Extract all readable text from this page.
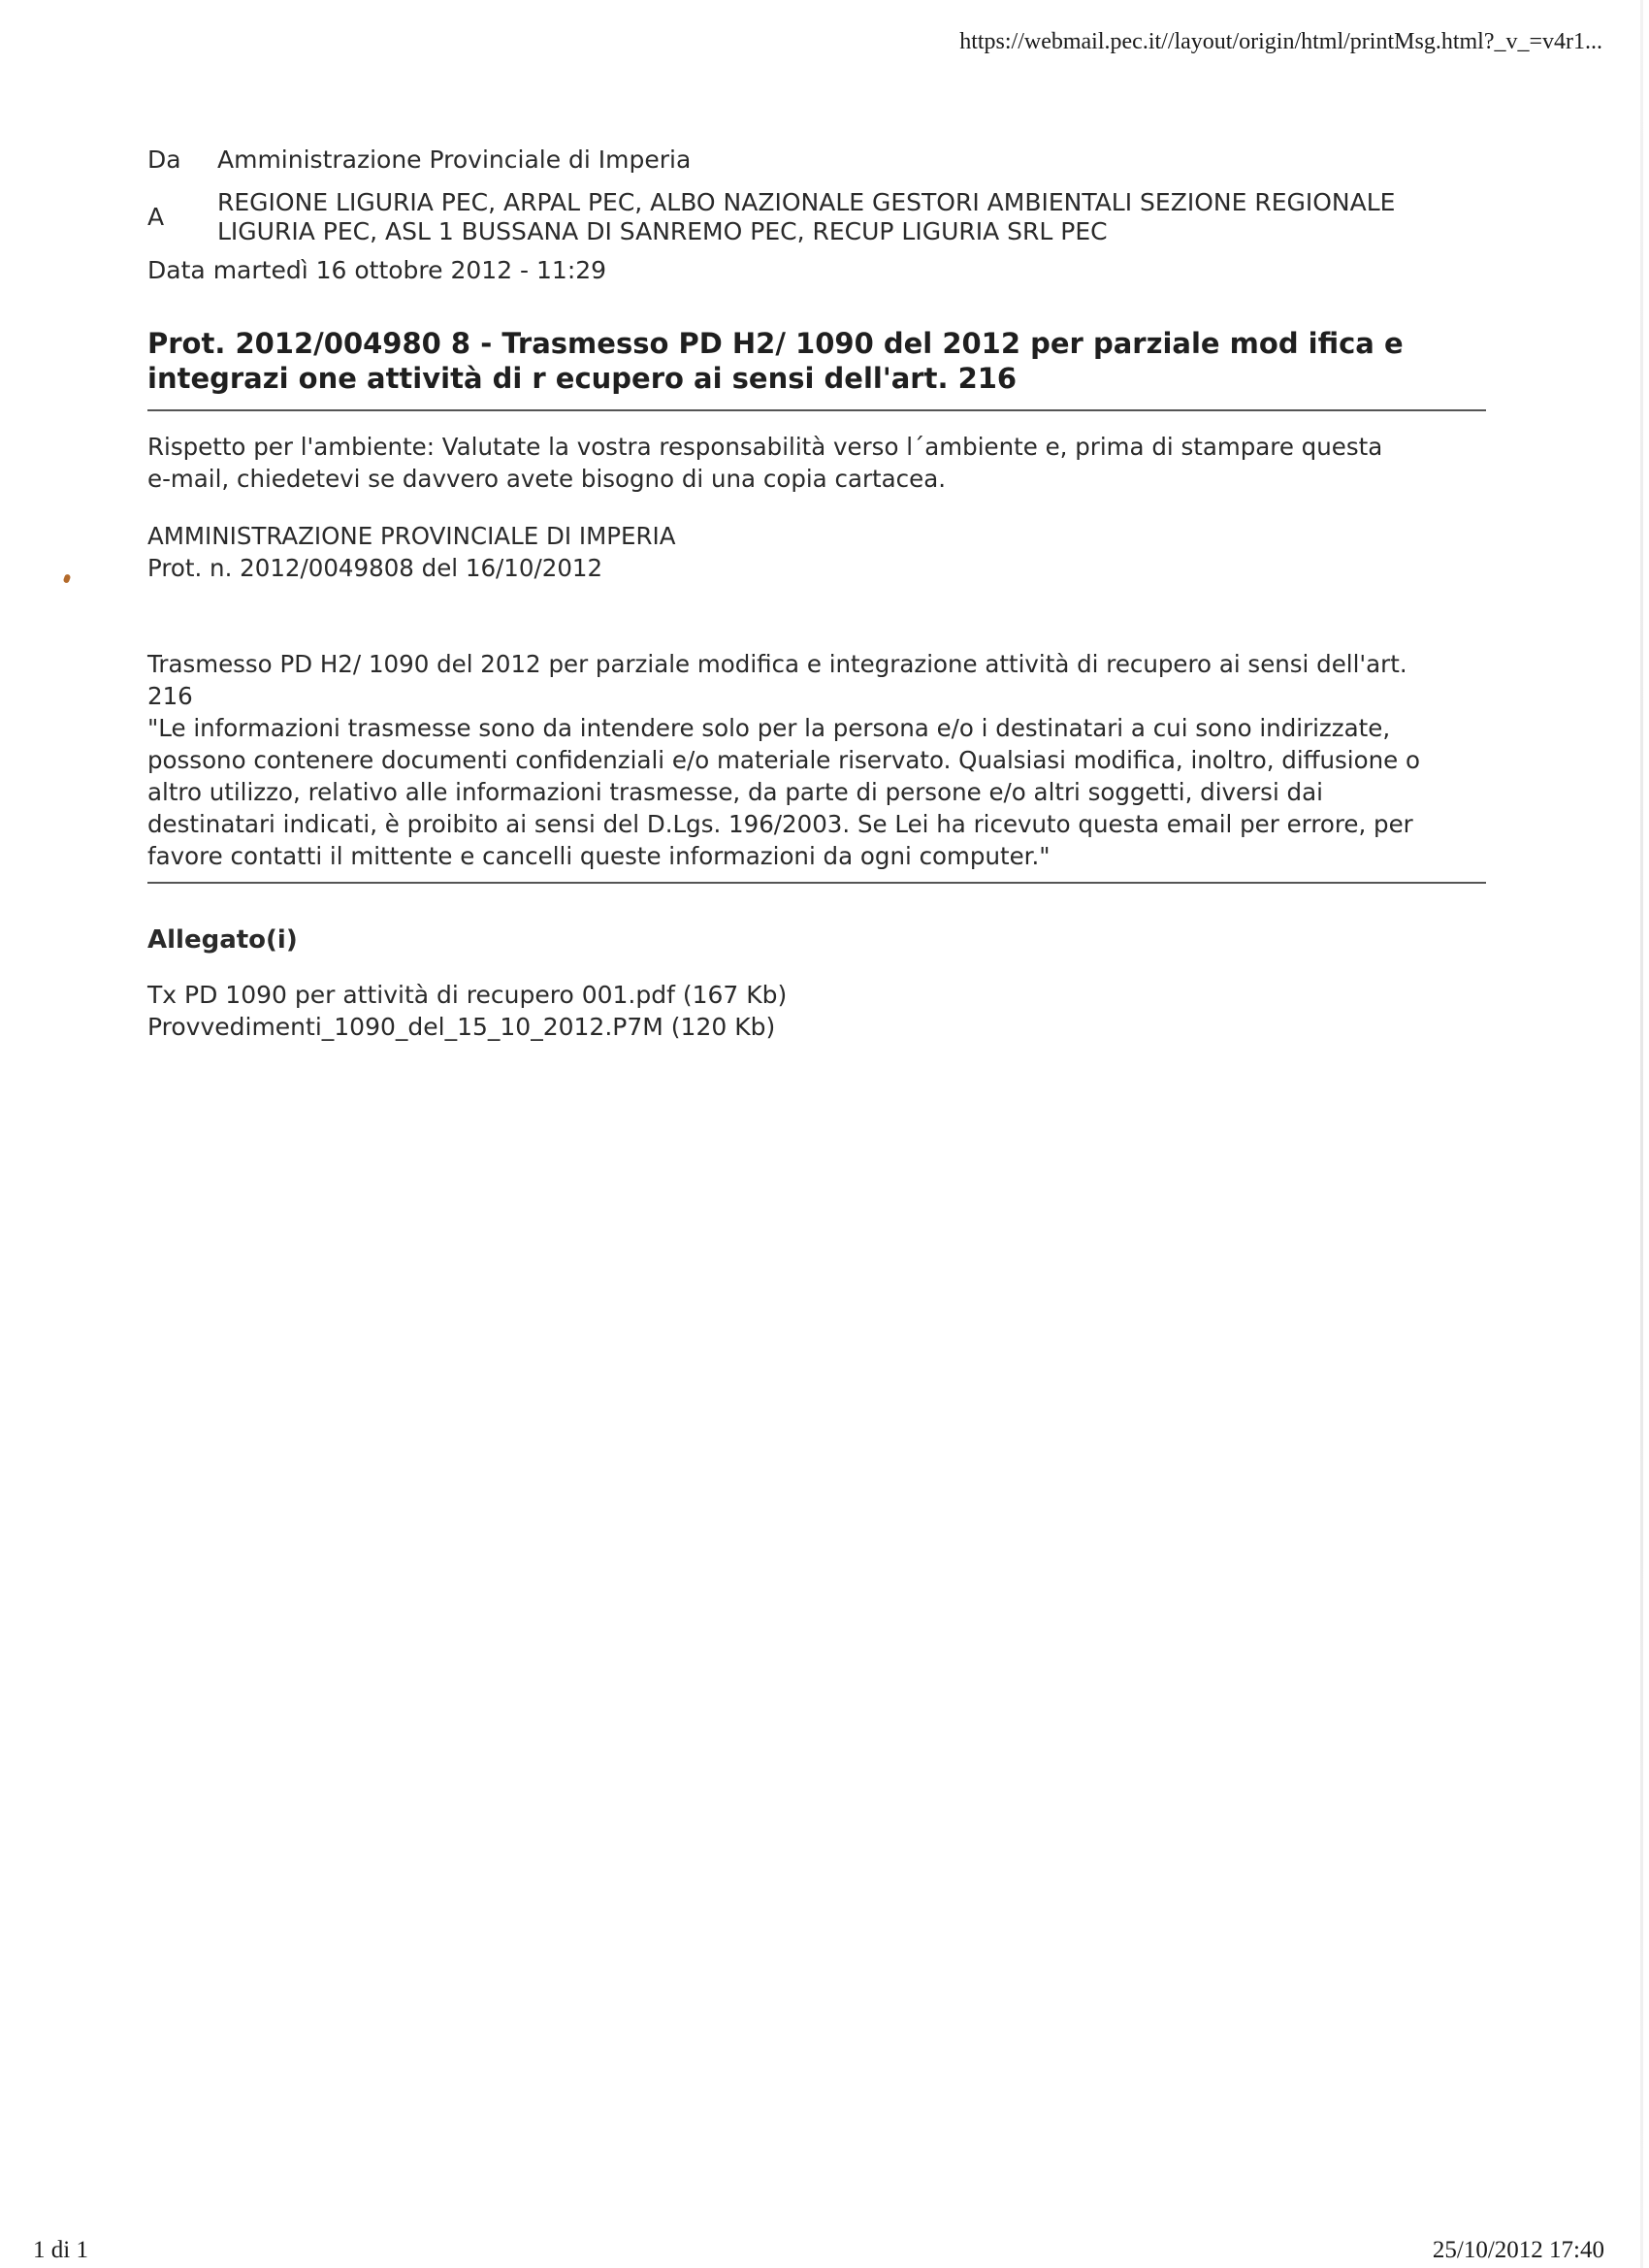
https://webmail.pec.it//layout/origin/html/printMsg.html?_v_=v4r1...
Da	Amministrazione Provinciale di Imperia
A
REGIONE LIGURIA PEC, ARPAL PEC, ALBO NAZIONALE GESTORI AMBIENTALI SEZIONE REGIONALE
LIGURIA PEC, ASL 1 BUSSANA DI SANREMO PEC, RECUP LIGURIA SRL PEC
Data martedì 16 ottobre 2012 - 11:29
Prot. 2012/004980 8 - Trasmesso PD H2/ 1090 del 2012 per parziale mod ifica e
integrazi one attività di r ecupero ai sensi dell'art. 216
Rispetto per l'ambiente: Valutate la vostra responsabilità verso l´ambiente e, prima di stampare questa
e-mail, chiedetevi se davvero avete bisogno di una copia cartacea.
AMMINISTRAZIONE PROVINCIALE DI IMPERIA
Prot. n. 2012/0049808 del 16/10/2012
Trasmesso PD H2/ 1090 del 2012 per parziale modifica e integrazione attività di recupero ai sensi dell'art.
216
"Le informazioni trasmesse sono da intendere solo per la persona e/o i destinatari a cui sono indirizzate,
possono contenere documenti confidenziali e/o materiale riservato. Qualsiasi modifica, inoltro, diffusione o
altro utilizzo, relativo alle informazioni trasmesse, da parte di persone e/o altri soggetti, diversi dai
destinatari indicati, è proibito ai sensi del D.Lgs. 196/2003. Se Lei ha ricevuto questa email per errore, per
favore contatti il mittente e cancelli queste informazioni da ogni computer."
Allegato(i)
Tx PD 1090 per attività di recupero 001.pdf (167 Kb)
Provvedimenti_1090_del_15_10_2012.P7M (120 Kb)
1 di 1	25/10/2012 17:40
